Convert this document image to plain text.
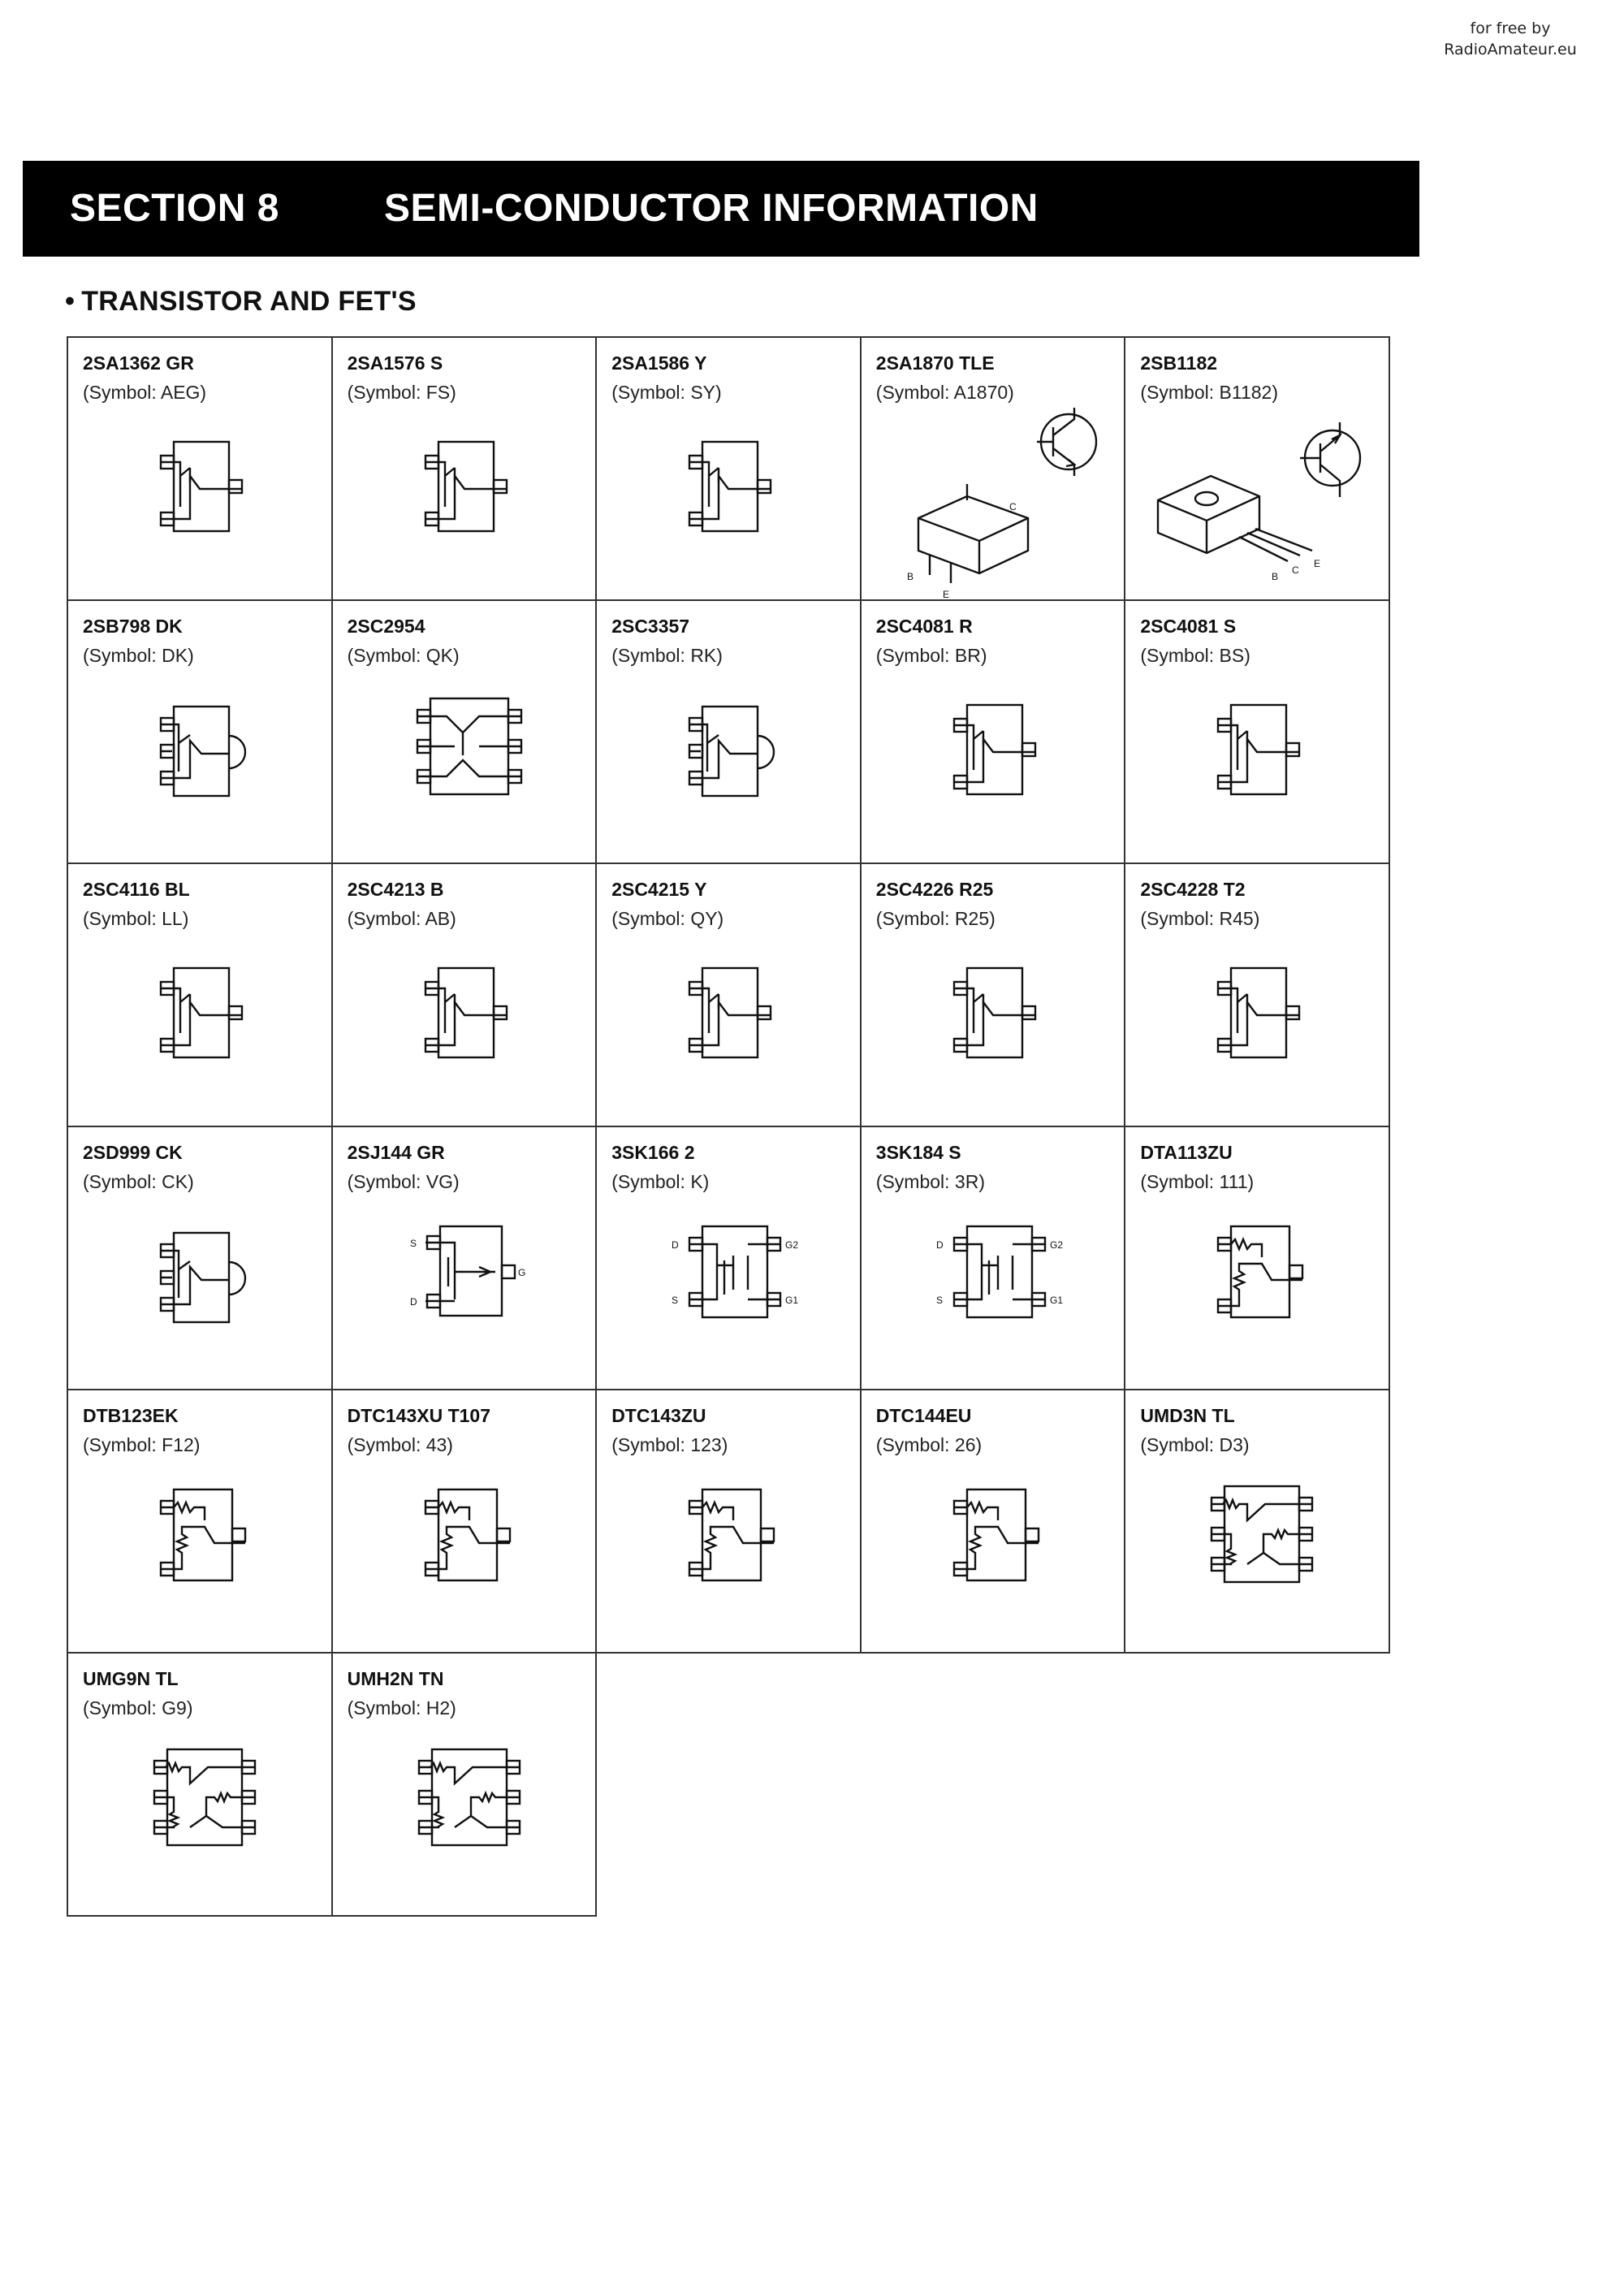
for free by
RadioAmateur.eu
SECTION 8	SEMI-CONDUCTOR INFORMATION
• TRANSISTOR AND FET'S
2SA1362 GR
(Symbol: AEG)
2SA1576 S
(Symbol: FS)
2SA1586 Y
(Symbol: SY)
2SA1870 TLE
(Symbol: A1870)
B
E
C
2SB1182
(Symbol: B1182)
B
C
E
2SB798 DK
(Symbol: DK)
2SC2954
(Symbol: QK)
2SC3357
(Symbol: RK)
2SC4081 R
(Symbol: BR)
2SC4081 S
(Symbol: BS)
2SC4116 BL
(Symbol: LL)
2SC4213 B
(Symbol: AB)
2SC4215 Y
(Symbol: QY)
2SC4226 R25
(Symbol: R25)
2SC4228 T2
(Symbol: R45)
2SD999 CK
(Symbol: CK)
2SJ144 GR
(Symbol: VG)
S
D
G
3SK166 2
(Symbol: K)
D
S
G2
G1
3SK184 S
(Symbol: 3R)
D
S
G2
G1
DTA113ZU
(Symbol: 111)
DTB123EK
(Symbol: F12)
DTC143XU T107
(Symbol: 43)
DTC143ZU
(Symbol: 123)
DTC144EU
(Symbol: 26)
UMD3N TL
(Symbol: D3)
UMG9N TL
(Symbol: G9)
UMH2N TN
(Symbol: H2)
